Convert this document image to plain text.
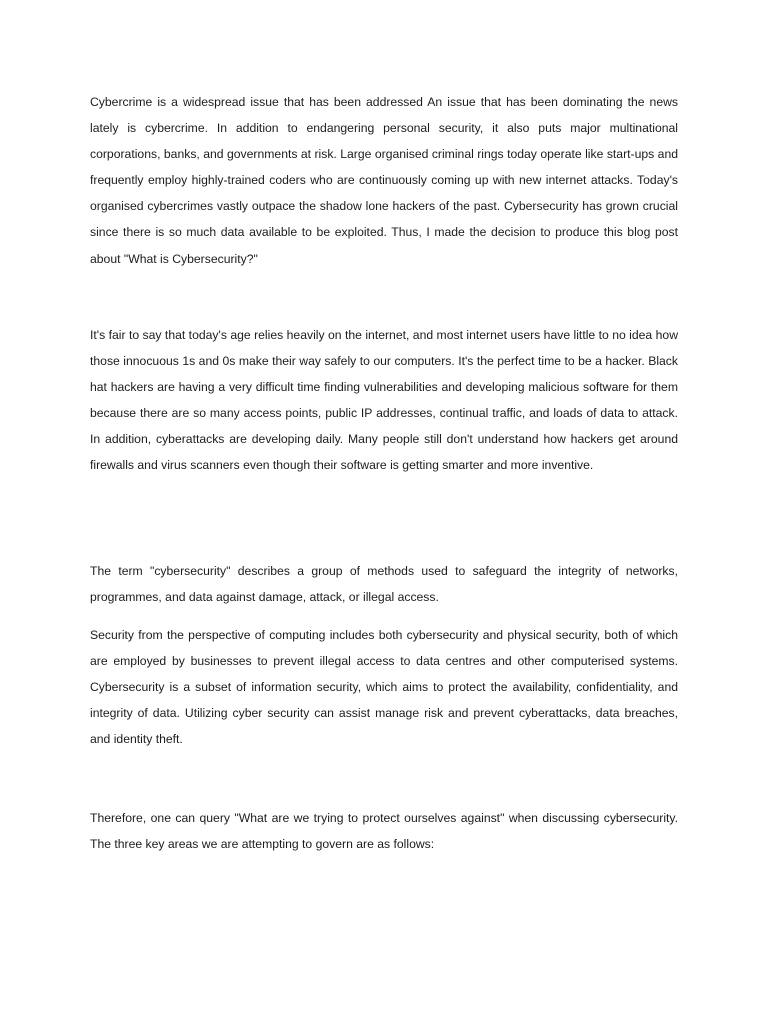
Cybercrime is a widespread issue that has been addressed An issue that has been dominating the news lately is cybercrime. In addition to endangering personal security, it also puts major multinational corporations, banks, and governments at risk. Large organised criminal rings today operate like start-ups and frequently employ highly-trained coders who are continuously coming up with new internet attacks. Today's organised cybercrimes vastly outpace the shadow lone hackers of the past. Cybersecurity has grown crucial since there is so much data available to be exploited. Thus, I made the decision to produce this blog post about "What is Cybersecurity?"

It's fair to say that today's age relies heavily on the internet, and most internet users have little to no idea how those innocuous 1s and 0s make their way safely to our computers. It's the perfect time to be a hacker. Black hat hackers are having a very difficult time finding vulnerabilities and developing malicious software for them because there are so many access points, public IP addresses, continual traffic, and loads of data to attack. In addition, cyberattacks are developing daily. Many people still don't understand how hackers get around firewalls and virus scanners even though their software is getting smarter and more inventive.

The term "cybersecurity" describes a group of methods used to safeguard the integrity of networks, programmes, and data against damage, attack, or illegal access.

Security from the perspective of computing includes both cybersecurity and physical security, both of which are employed by businesses to prevent illegal access to data centres and other computerised systems. Cybersecurity is a subset of information security, which aims to protect the availability, confidentiality, and integrity of data. Utilizing cyber security can assist manage risk and prevent cyberattacks, data breaches, and identity theft.

Therefore, one can query "What are we trying to protect ourselves against" when discussing cybersecurity. The three key areas we are attempting to govern are as follows:
